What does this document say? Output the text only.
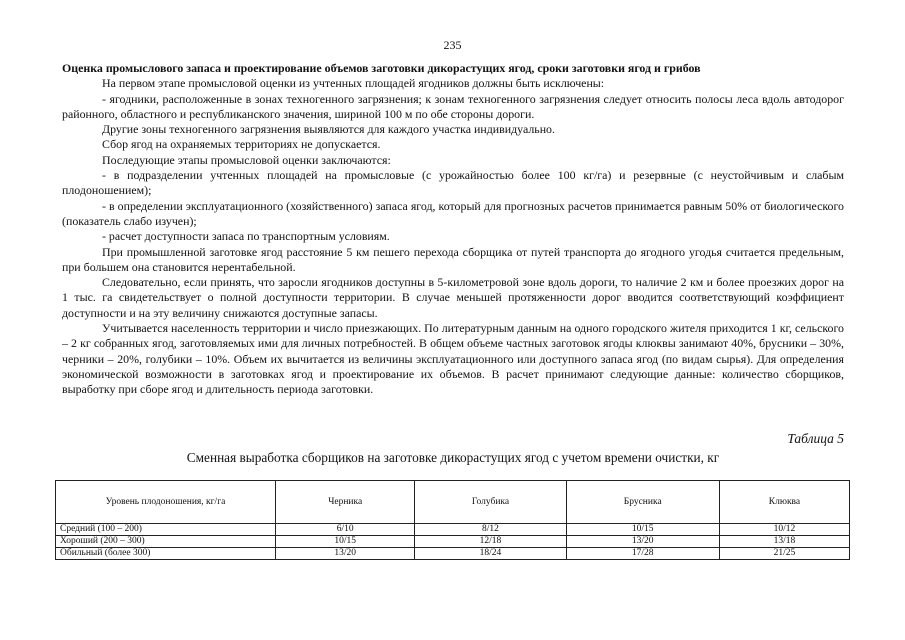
235
Оценка промыслового запаса и проектирование объемов заготовки дикорастущих ягод, сроки заготовки ягод и грибов

На первом этапе промысловой оценки из учтенных площадей ягодников должны быть исключены:

- ягодники, расположенные в зонах техногенного загрязнения; к зонам техногенного загрязнения следует относить полосы леса вдоль автодорог районного, областного и республиканского значения, шириной 100 м по обе стороны дороги.

Другие зоны техногенного загрязнения выявляются для каждого участка индивидуально.

Сбор ягод на охраняемых территориях не допускается.

Последующие этапы промысловой оценки заключаются:

- в подразделении учтенных площадей на промысловые (с урожайностью более 100 кг/га) и резервные (с неустойчивым и слабым плодоношением);

- в определении эксплуатационного (хозяйственного) запаса ягод, который для прогнозных расчетов принимается равным 50% от биологического (показатель слабо изучен);

- расчет доступности запаса по транспортным условиям.

При промышленной заготовке ягод расстояние 5 км пешего перехода сборщика от путей транспорта до ягодного угодья считается предельным, при большем она становится нерентабельной.

Следовательно, если принять, что заросли ягодников доступны в 5-километровой зоне вдоль дороги, то наличие 2 км и более проезжих дорог на 1 тыс. га свидетельствует о полной доступности территории. В случае меньшей протяженности дорог вводится соответствующий коэффициент доступности и на эту величину снижаются доступные запасы.

Учитывается населенность территории и число приезжающих. По литературным данным на одного городского жителя приходится 1 кг, сельского – 2 кг собранных ягод, заготовляемых ими для личных потребностей. В общем объеме частных заготовок ягоды клюквы занимают 40%, брусники – 30%, черники – 20%, голубики – 10%. Объем их вычитается из величины эксплуатационного или доступного запаса ягод (по видам сырья). Для определения экономической возможности в заготовках ягод и проектирование их объемов. В расчет принимают следующие данные: количество сборщиков, выработку при сборе ягод и длительность периода заготовки.

Таблица 5
Сменная выработка сборщиков на заготовке дикорастущих ягод с учетом времени очистки, кг
Уровень плодоношения, кг/га	Черника	Голубика	Брусника	Клюква
Средний (100 – 200)	6/10	8/12	10/15	10/12
Хороший (200 – 300)	10/15	12/18	13/20	13/18
Обильный (более 300)	13/20	18/24	17/28	21/25
